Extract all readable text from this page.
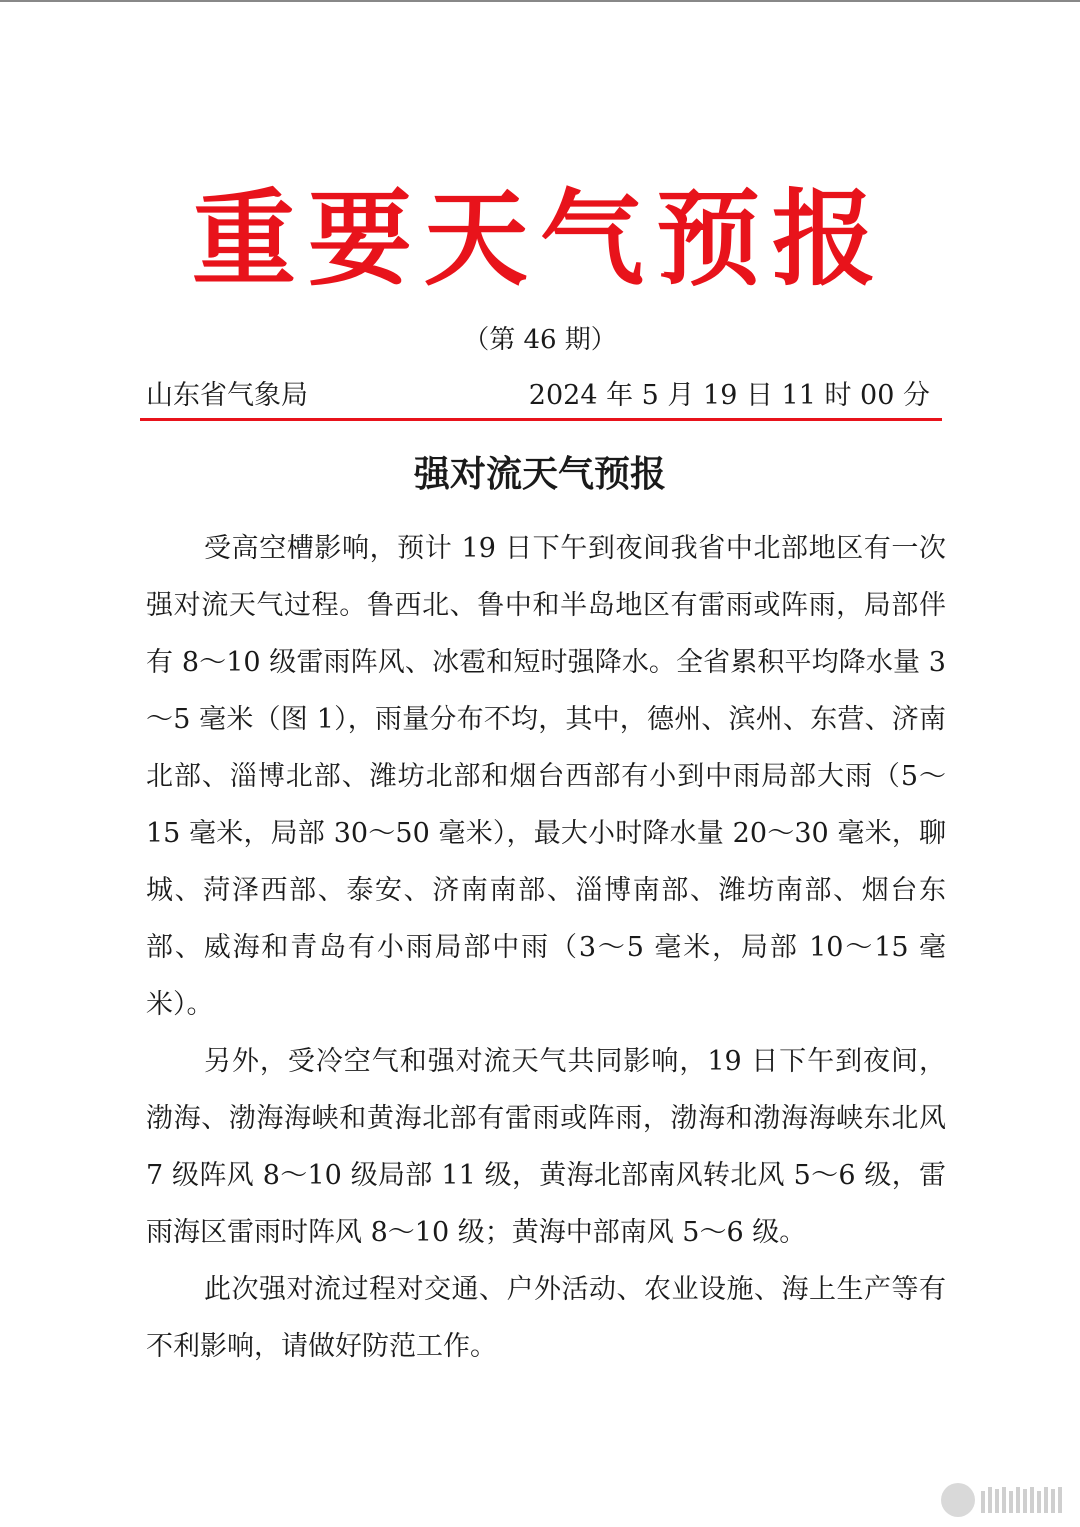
重要天气预报
（第 46 期）
山东省气象局	2024 年 5 月 19 日 11 时 00 分
强对流天气预报

受高空槽影响，预计 19 日下午到夜间我省中北部地区有一次强对流天气过程。鲁西北、鲁中和半岛地区有雷雨或阵雨，局部伴有 8～10 级雷雨阵风、冰雹和短时强降水。全省累积平均降水量 3～5 毫米（图 1），雨量分布不均，其中，德州、滨州、东营、济南北部、淄博北部、潍坊北部和烟台西部有小到中雨局部大雨（5～15 毫米，局部 30～50 毫米），最大小时降水量 20～30 毫米，聊城、菏泽西部、泰安、济南南部、淄博南部、潍坊南部、烟台东部、威海和青岛有小雨局部中雨（3～5 毫米，局部 10～15 毫米）。

另外，受冷空气和强对流天气共同影响，19 日下午到夜间，渤海、渤海海峡和黄海北部有雷雨或阵雨，渤海和渤海海峡东北风 7 级阵风 8～10 级局部 11 级，黄海北部南风转北风 5～6 级，雷雨海区雷雨时阵风 8～10 级；黄海中部南风 5～6 级。

此次强对流过程对交通、户外活动、农业设施、海上生产等有不利影响，请做好防范工作。
